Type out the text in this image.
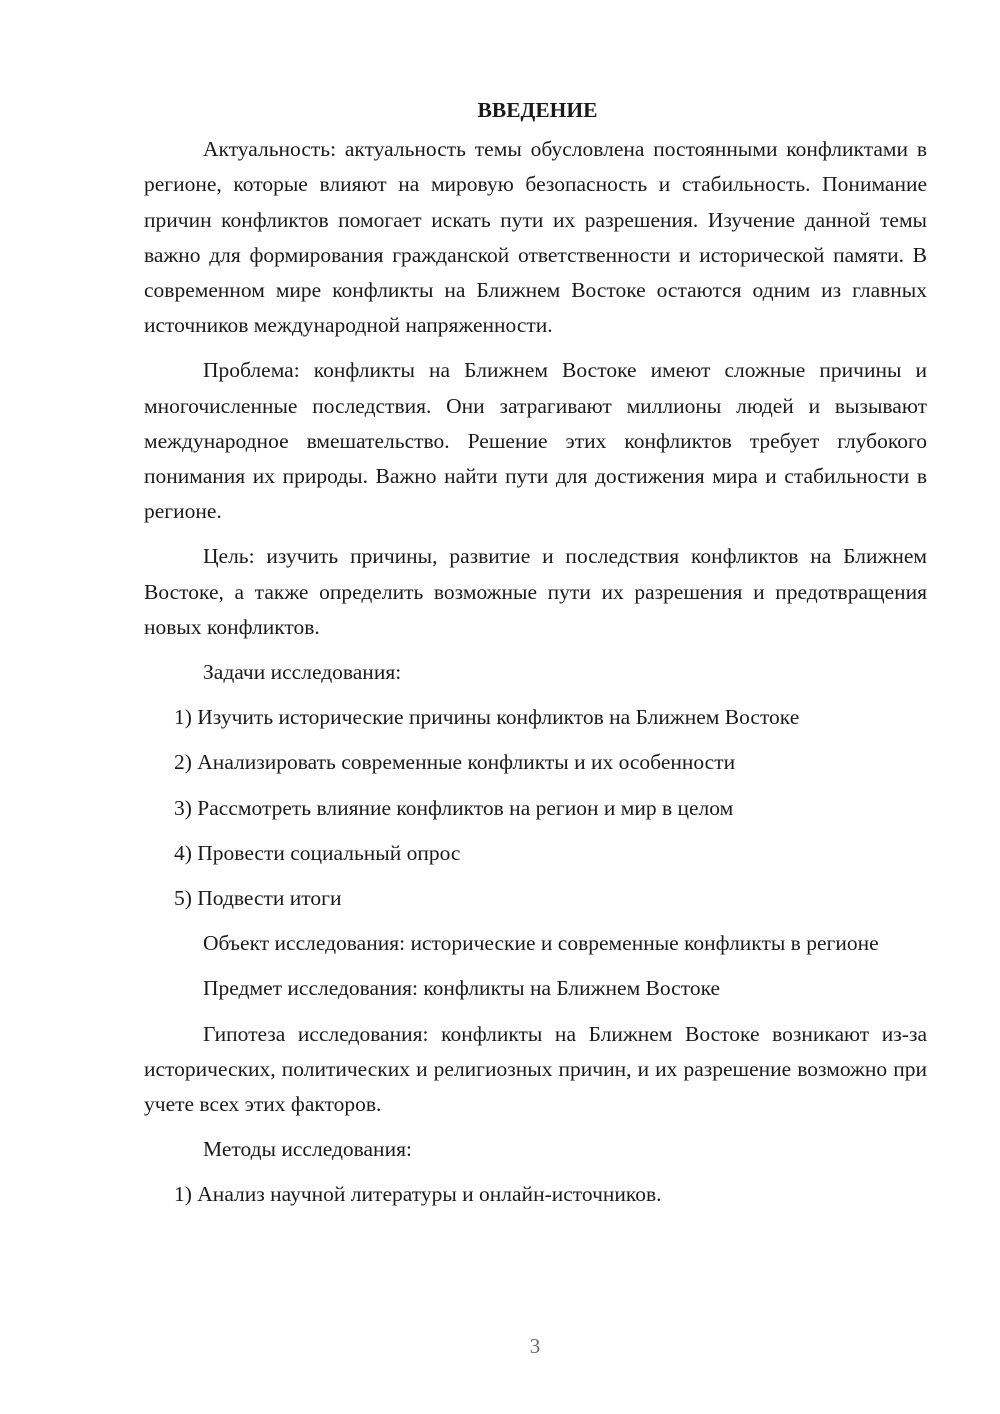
ВВЕДЕНИЕ

Актуальность: актуальность темы обусловлена постоянными конфликтами в регионе, которые влияют на мировую безопасность и стабильность. Понимание причин конфликтов помогает искать пути их разрешения. Изучение данной темы важно для формирования гражданской ответственности и исторической памяти. В современном мире конфликты на Ближнем Востоке остаются одним из главных источников международной напряженности.

Проблема: конфликты на Ближнем Востоке имеют сложные причины и многочисленные последствия. Они затрагивают миллионы людей и вызывают международное вмешательство. Решение этих конфликтов требует глубокого понимания их природы. Важно найти пути для достижения мира и стабильности в регионе.

Цель: изучить причины, развитие и последствия конфликтов на Ближнем Востоке, а также определить возможные пути их разрешения и предотвращения новых конфликтов.

Задачи исследования:

1) Изучить исторические причины конфликтов на Ближнем Востоке

2) Анализировать современные конфликты и их особенности

3) Рассмотреть влияние конфликтов на регион и мир в целом

4) Провести социальный опрос

5) Подвести итоги

Объект исследования: исторические и современные конфликты в регионе

Предмет исследования: конфликты на Ближнем Востоке

Гипотеза исследования: конфликты на Ближнем Востоке возникают из-за исторических, политических и религиозных причин, и их разрешение возможно при учете всех этих факторов.

Методы исследования:

1) Анализ научной литературы и онлайн-источников.

3
